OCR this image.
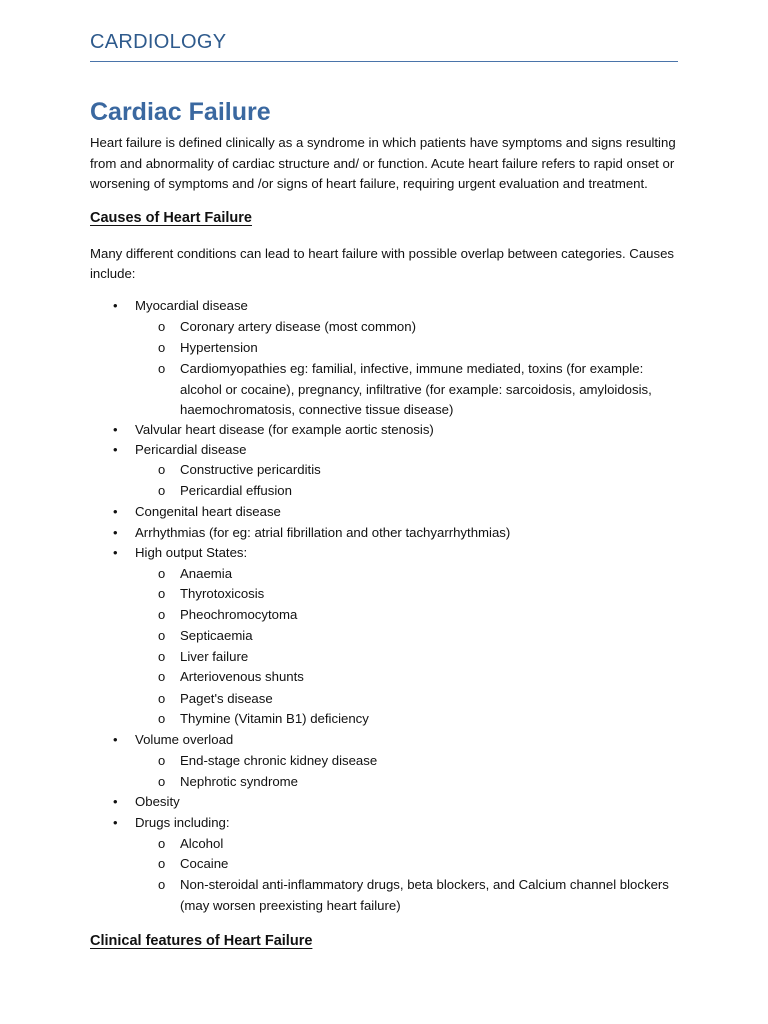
CARDIOLOGY
Cardiac Failure

Heart failure is defined clinically as a syndrome in which patients have symptoms and signs resulting from and abnormality of cardiac structure and/ or function. Acute heart failure refers to rapid onset or worsening of symptoms and /or signs of heart failure, requiring urgent evaluation and treatment.

Causes of Heart Failure

Many different conditions can lead to heart failure with possible overlap between categories. Causes include:

• Myocardial disease
o Coronary artery disease (most common)
o Hypertension
o Cardiomyopathies eg: familial, infective, immune mediated, toxins (for example: alcohol or cocaine), pregnancy, infiltrative (for example: sarcoidosis, amyloidosis, haemochromatosis, connective tissue disease)
• Valvular heart disease (for example aortic stenosis)
• Pericardial disease
o Constructive pericarditis
o Pericardial effusion
• Congenital heart disease
• Arrhythmias (for eg: atrial fibrillation and other tachyarrhythmias)
• High output States:
o Anaemia
o Thyrotoxicosis
o Pheochromocytoma
o Septicaemia
o Liver failure
o Arteriovenous shunts
o Paget's disease
o Thymine (Vitamin B1) deficiency
• Volume overload
o End-stage chronic kidney disease
o Nephrotic syndrome
• Obesity
• Drugs including:
o Alcohol
o Cocaine
o Non-steroidal anti-inflammatory drugs, beta blockers, and Calcium channel blockers (may worsen preexisting heart failure)
Clinical features of Heart Failure
